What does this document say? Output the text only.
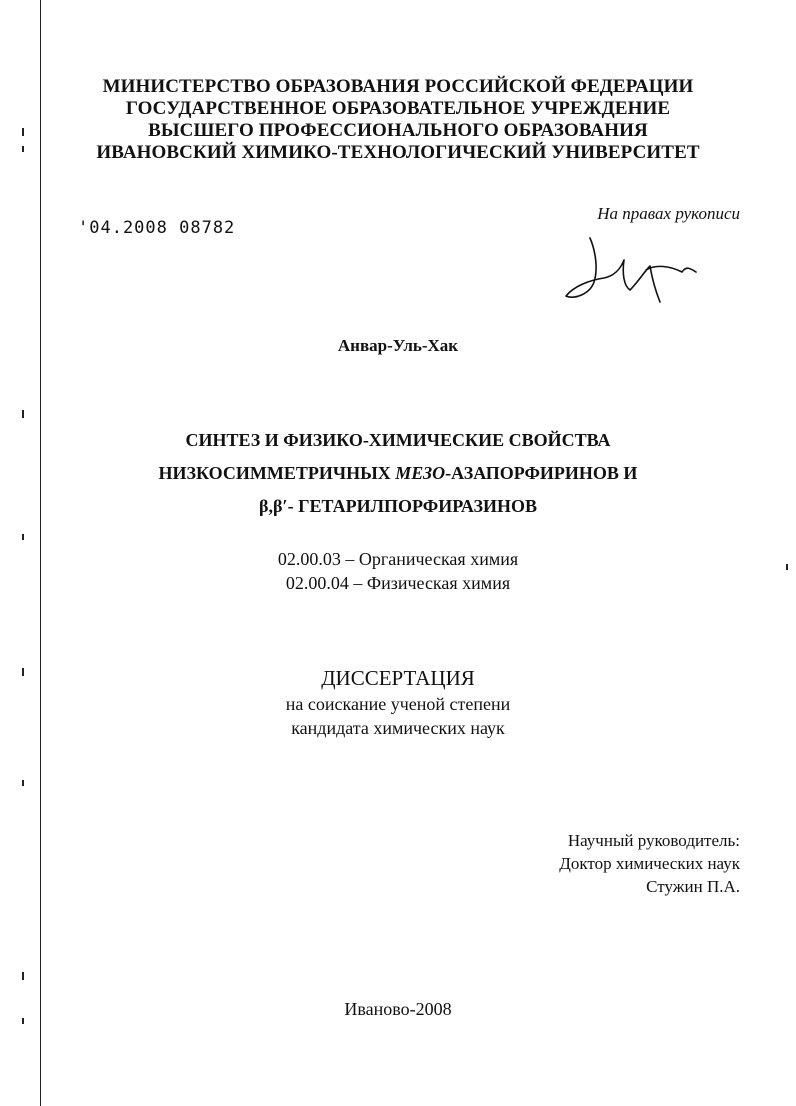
МИНИСТЕРСТВО ОБРАЗОВАНИЯ РОССИЙСКОЙ ФЕДЕРАЦИИ
ГОСУДАРСТВЕННОЕ ОБРАЗОВАТЕЛЬНОЕ УЧРЕЖДЕНИЕ
ВЫСШЕГО ПРОФЕССИОНАЛЬНОГО ОБРАЗОВАНИЯ
ИВАНОВСКИЙ ХИМИКО-ТЕХНОЛОГИЧЕСКИЙ УНИВЕРСИТЕТ
'04.2008 08782
На правах рукописи
Анвар-Уль-Хак
СИНТЕЗ И ФИЗИКО-ХИМИЧЕСКИЕ СВОЙСТВА
НИЗКОСИММЕТРИЧНЫХ МЕЗО-АЗАПОРФИРИНОВ И
β,β′- ГЕТАРИЛПОРФИРАЗИНОВ
02.00.03 – Органическая химия
02.00.04 – Физическая химия
ДИССЕРТАЦИЯ
на соискание ученой степени
кандидата химических наук
Научный руководитель:
Доктор химических наук
Стужин П.А.
Иваново-2008
